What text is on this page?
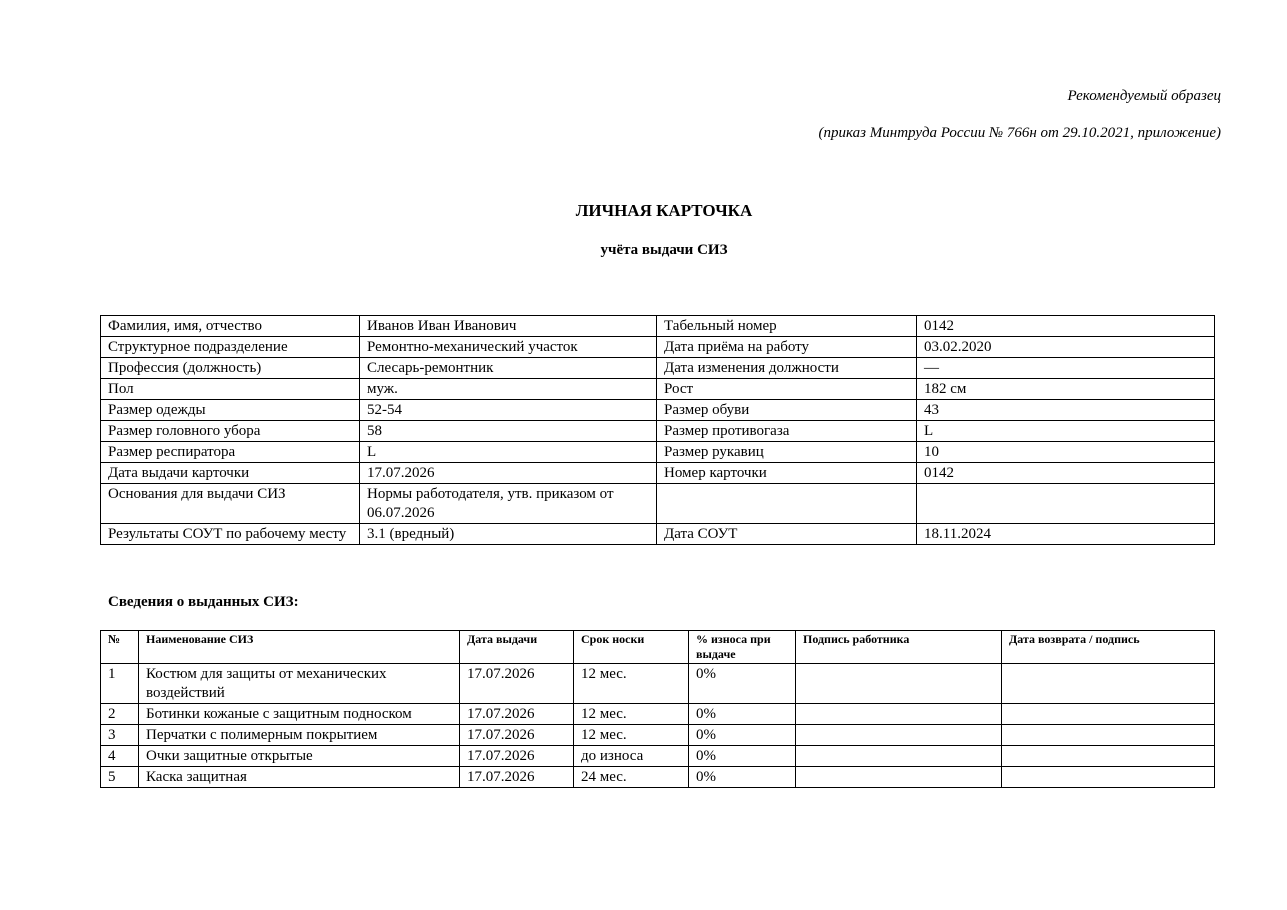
Рекомендуемый образец
(приказ Минтруда России № 766н от 29.10.2021, приложение)
ЛИЧНАЯ КАРТОЧКА
учёта выдачи СИЗ
Фамилия, имя, отчество	Иванов Иван Иванович	Табельный номер	0142
Структурное подразделение	Ремонтно-механический участок	Дата приёма на работу	03.02.2020
Профессия (должность)	Слесарь-ремонтник	Дата изменения должности	—
Пол	муж.	Рост	182 см
Размер одежды	52-54	Размер обуви	43
Размер головного убора	58	Размер противогаза	L
Размер респиратора	L	Размер рукавиц	10
Дата выдачи карточки	17.07.2026	Номер карточки	0142
Основания для выдачи СИЗ	Нормы работодателя, утв. приказом от 06.07.2026		
Результаты СОУТ по рабочему месту	3.1 (вредный)	Дата СОУТ	18.11.2024
Сведения о выданных СИЗ:
№	Наименование СИЗ	Дата выдачи	Срок носки	% износа при выдаче	Подпись работника	Дата возврата / подпись
1	Костюм для защиты от механических воздействий	17.07.2026	12 мес.	0%		
2	Ботинки кожаные с защитным подноском	17.07.2026	12 мес.	0%		
3	Перчатки с полимерным покрытием	17.07.2026	12 мес.	0%		
4	Очки защитные открытые	17.07.2026	до износа	0%		
5	Каска защитная	17.07.2026	24 мес.	0%		
